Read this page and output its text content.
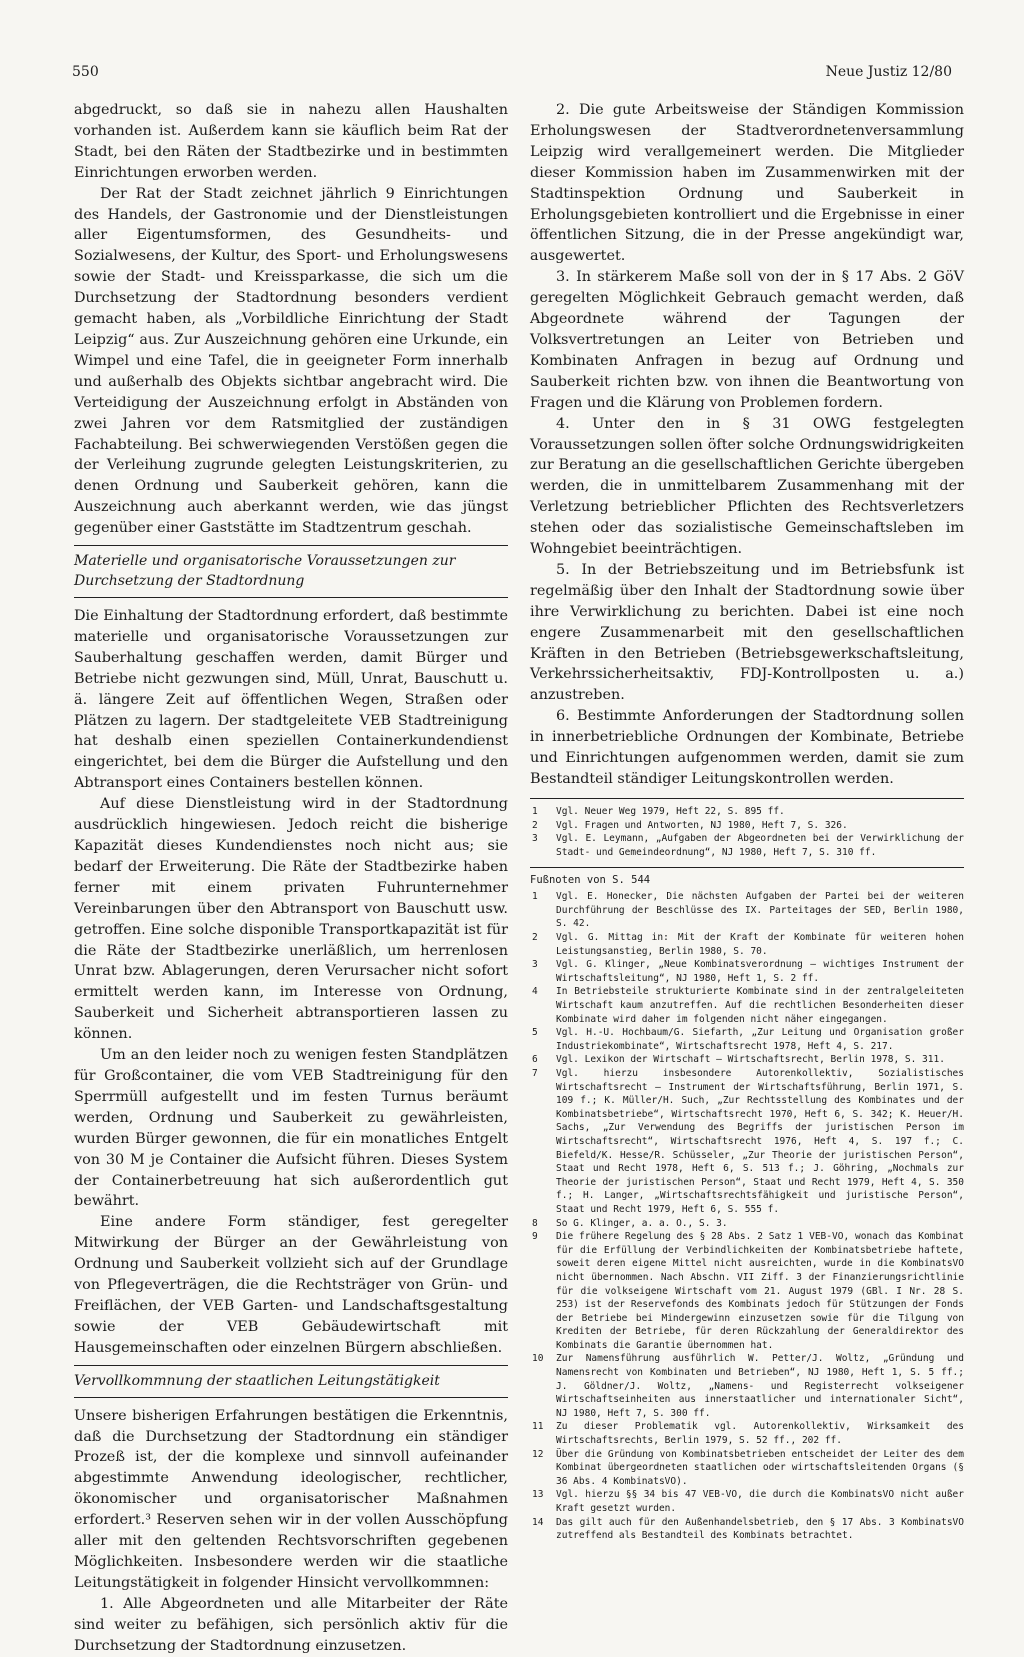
550	Neue Justiz 12/80

abgedruckt, so daß sie in nahezu allen Haushalten vorhanden ist. Außerdem kann sie käuflich beim Rat der Stadt, bei den Räten der Stadtbezirke und in bestimmten Einrichtungen erworben werden.

Der Rat der Stadt zeichnet jährlich 9 Einrichtungen des Handels, der Gastronomie und der Dienstleistungen aller Eigentumsformen, des Gesundheits- und Sozialwesens, der Kultur, des Sport- und Erholungswesens sowie der Stadt- und Kreissparkasse, die sich um die Durchsetzung der Stadtordnung besonders verdient gemacht haben, als „Vorbildliche Einrichtung der Stadt Leipzig“ aus. Zur Auszeichnung gehören eine Urkunde, ein Wimpel und eine Tafel, die in geeigneter Form innerhalb und außerhalb des Objekts sichtbar angebracht wird. Die Verteidigung der Auszeichnung erfolgt in Abständen von zwei Jahren vor dem Ratsmitglied der zuständigen Fachabteilung. Bei schwerwiegenden Verstößen gegen die der Verleihung zugrunde gelegten Leistungskriterien, zu denen Ordnung und Sauberkeit gehören, kann die Auszeichnung auch aberkannt werden, wie das jüngst gegenüber einer Gaststätte im Stadtzentrum geschah.

Materielle und organisatorische Voraussetzungen zur Durchsetzung der Stadtordnung

Die Einhaltung der Stadtordnung erfordert, daß bestimmte materielle und organisatorische Voraussetzungen zur Sauberhaltung geschaffen werden, damit Bürger und Betriebe nicht gezwungen sind, Müll, Unrat, Bauschutt u. ä. längere Zeit auf öffentlichen Wegen, Straßen oder Plätzen zu lagern. Der stadtgeleitete VEB Stadtreinigung hat deshalb einen speziellen Containerkundendienst eingerichtet, bei dem die Bürger die Aufstellung und den Abtransport eines Containers bestellen können.

Auf diese Dienstleistung wird in der Stadtordnung ausdrücklich hingewiesen. Jedoch reicht die bisherige Kapazität dieses Kundendienstes noch nicht aus; sie bedarf der Erweiterung. Die Räte der Stadtbezirke haben ferner mit einem privaten Fuhrunternehmer Vereinbarungen über den Abtransport von Bauschutt usw. getroffen. Eine solche disponible Transportkapazität ist für die Räte der Stadtbezirke unerläßlich, um herrenlosen Unrat bzw. Ablagerungen, deren Verursacher nicht sofort ermittelt werden kann, im Interesse von Ordnung, Sauberkeit und Sicherheit abtransportieren lassen zu können.

Um an den leider noch zu wenigen festen Standplätzen für Großcontainer, die vom VEB Stadtreinigung für den Sperrmüll aufgestellt und im festen Turnus beräumt werden, Ordnung und Sauberkeit zu gewährleisten, wurden Bürger gewonnen, die für ein monatliches Entgelt von 30 M je Container die Aufsicht führen. Dieses System der Containerbetreuung hat sich außerordentlich gut bewährt.

Eine andere Form ständiger, fest geregelter Mitwirkung der Bürger an der Gewährleistung von Ordnung und Sauberkeit vollzieht sich auf der Grundlage von Pflegeverträgen, die die Rechtsträger von Grün- und Freiflächen, der VEB Garten- und Landschaftsgestaltung sowie der VEB Gebäudewirtschaft mit Hausgemeinschaften oder einzelnen Bürgern abschließen.

Vervollkommnung der staatlichen Leitungstätigkeit

Unsere bisherigen Erfahrungen bestätigen die Erkenntnis, daß die Durchsetzung der Stadtordnung ein ständiger Prozeß ist, der die komplexe und sinnvoll aufeinander abgestimmte Anwendung ideologischer, rechtlicher, ökonomischer und organisatorischer Maßnahmen erfordert.³ Reserven sehen wir in der vollen Ausschöpfung aller mit den geltenden Rechtsvorschriften gegebenen Möglichkeiten. Insbesondere werden wir die staatliche Leitungstätigkeit in folgender Hinsicht vervollkommnen:

1. Alle Abgeordneten und alle Mitarbeiter der Räte sind weiter zu befähigen, sich persönlich aktiv für die Durchsetzung der Stadtordnung einzusetzen.

2. Die gute Arbeitsweise der Ständigen Kommission Erholungswesen der Stadtverordnetenversammlung Leipzig wird verallgemeinert werden. Die Mitglieder dieser Kommission haben im Zusammenwirken mit der Stadtinspektion Ordnung und Sauberkeit in Erholungsgebieten kontrolliert und die Ergebnisse in einer öffentlichen Sitzung, die in der Presse angekündigt war, ausgewertet.

3. In stärkerem Maße soll von der in § 17 Abs. 2 GöV geregelten Möglichkeit Gebrauch gemacht werden, daß Abgeordnete während der Tagungen der Volksvertretungen an Leiter von Betrieben und Kombinaten Anfragen in bezug auf Ordnung und Sauberkeit richten bzw. von ihnen die Beantwortung von Fragen und die Klärung von Problemen fordern.

4. Unter den in § 31 OWG festgelegten Voraussetzungen sollen öfter solche Ordnungswidrigkeiten zur Beratung an die gesellschaftlichen Gerichte übergeben werden, die in unmittelbarem Zusammenhang mit der Verletzung betrieblicher Pflichten des Rechtsverletzers stehen oder das sozialistische Gemeinschaftsleben im Wohngebiet beeinträchtigen.

5. In der Betriebszeitung und im Betriebsfunk ist regelmäßig über den Inhalt der Stadtordnung sowie über ihre Verwirklichung zu berichten. Dabei ist eine noch engere Zusammenarbeit mit den gesellschaftlichen Kräften in den Betrieben (Betriebsgewerkschaftsleitung, Verkehrssicherheitsaktiv, FDJ-Kontrollposten u. a.) anzustreben.

6. Bestimmte Anforderungen der Stadtordnung sollen in innerbetriebliche Ordnungen der Kombinate, Betriebe und Einrichtungen aufgenommen werden, damit sie zum Bestandteil ständiger Leitungskontrollen werden.

1	Vgl. Neuer Weg 1979, Heft 22, S. 895 ff.
2	Vgl. Fragen und Antworten, NJ 1980, Heft 7, S. 326.
3	Vgl. E. Leymann, „Aufgaben der Abgeordneten bei der Verwirklichung der Stadt- und Gemeindeordnung“, NJ 1980, Heft 7, S. 310 ff.
Fußnoten von S. 544
1	Vgl. E. Honecker, Die nächsten Aufgaben der Partei bei der weiteren Durchführung der Beschlüsse des IX. Parteitages der SED, Berlin 1980, S. 42.
2	Vgl. G. Mittag in: Mit der Kraft der Kombinate für weiteren hohen Leistungsanstieg, Berlin 1980, S. 70.
3	Vgl. G. Klinger, „Neue Kombinatsverordnung – wichtiges Instrument der Wirtschaftsleitung“, NJ 1980, Heft 1, S. 2 ff.
4	In Betriebsteile strukturierte Kombinate sind in der zentralgeleiteten Wirtschaft kaum anzutreffen. Auf die rechtlichen Besonderheiten dieser Kombinate wird daher im folgenden nicht näher eingegangen.
5	Vgl. H.-U. Hochbaum/G. Siefarth, „Zur Leitung und Organisation großer Industriekombinate“, Wirtschaftsrecht 1978, Heft 4, S. 217.
6	Vgl. Lexikon der Wirtschaft – Wirtschaftsrecht, Berlin 1978, S. 311.
7	Vgl. hierzu insbesondere Autorenkollektiv, Sozialistisches Wirtschaftsrecht – Instrument der Wirtschaftsführung, Berlin 1971, S. 109 f.; K. Müller/H. Such, „Zur Rechtsstellung des Kombinates und der Kombinatsbetriebe“, Wirtschaftsrecht 1970, Heft 6, S. 342; K. Heuer/H. Sachs, „Zur Verwendung des Begriffs der juristischen Person im Wirtschaftsrecht“, Wirtschaftsrecht 1976, Heft 4, S. 197 f.; C. Biefeld/K. Hesse/R. Schüsseler, „Zur Theorie der juristischen Person“, Staat und Recht 1978, Heft 6, S. 513 f.; J. Göhring, „Nochmals zur Theorie der juristischen Person“, Staat und Recht 1979, Heft 4, S. 350 f.; H. Langer, „Wirtschaftsrechtsfähigkeit und juristische Person“, Staat und Recht 1979, Heft 6, S. 555 f.
8	So G. Klinger, a. a. O., S. 3.
9	Die frühere Regelung des § 28 Abs. 2 Satz 1 VEB-VO, wonach das Kombinat für die Erfüllung der Verbindlichkeiten der Kombinatsbetriebe haftete, soweit deren eigene Mittel nicht ausreichten, wurde in die KombinatsVO nicht übernommen. Nach Abschn. VII Ziff. 3 der Finanzierungsrichtlinie für die volkseigene Wirtschaft vom 21. August 1979 (GBl. I Nr. 28 S. 253) ist der Reservefonds des Kombinats jedoch für Stützungen der Fonds der Betriebe bei Mindergewinn einzusetzen sowie für die Tilgung von Krediten der Betriebe, für deren Rückzahlung der Generaldirektor des Kombinats die Garantie übernommen hat.
10	Zur Namensführung ausführlich W. Petter/J. Woltz, „Gründung und Namensrecht von Kombinaten und Betrieben“, NJ 1980, Heft 1, S. 5 ff.; J. Göldner/J. Woltz, „Namens- und Registerrecht volkseigener Wirtschaftseinheiten aus innerstaatlicher und internationaler Sicht“, NJ 1980, Heft 7, S. 300 ff.
11	Zu dieser Problematik vgl. Autorenkollektiv, Wirksamkeit des Wirtschaftsrechts, Berlin 1979, S. 52 ff., 202 ff.
12	Über die Gründung von Kombinatsbetrieben entscheidet der Leiter des dem Kombinat übergeordneten staatlichen oder wirtschaftsleitenden Organs (§ 36 Abs. 4 KombinatsVO).
13	Vgl. hierzu §§ 34 bis 47 VEB-VO, die durch die KombinatsVO nicht außer Kraft gesetzt wurden.
14	Das gilt auch für den Außenhandelsbetrieb, den § 17 Abs. 3 KombinatsVO zutreffend als Bestandteil des Kombinats betrachtet.
